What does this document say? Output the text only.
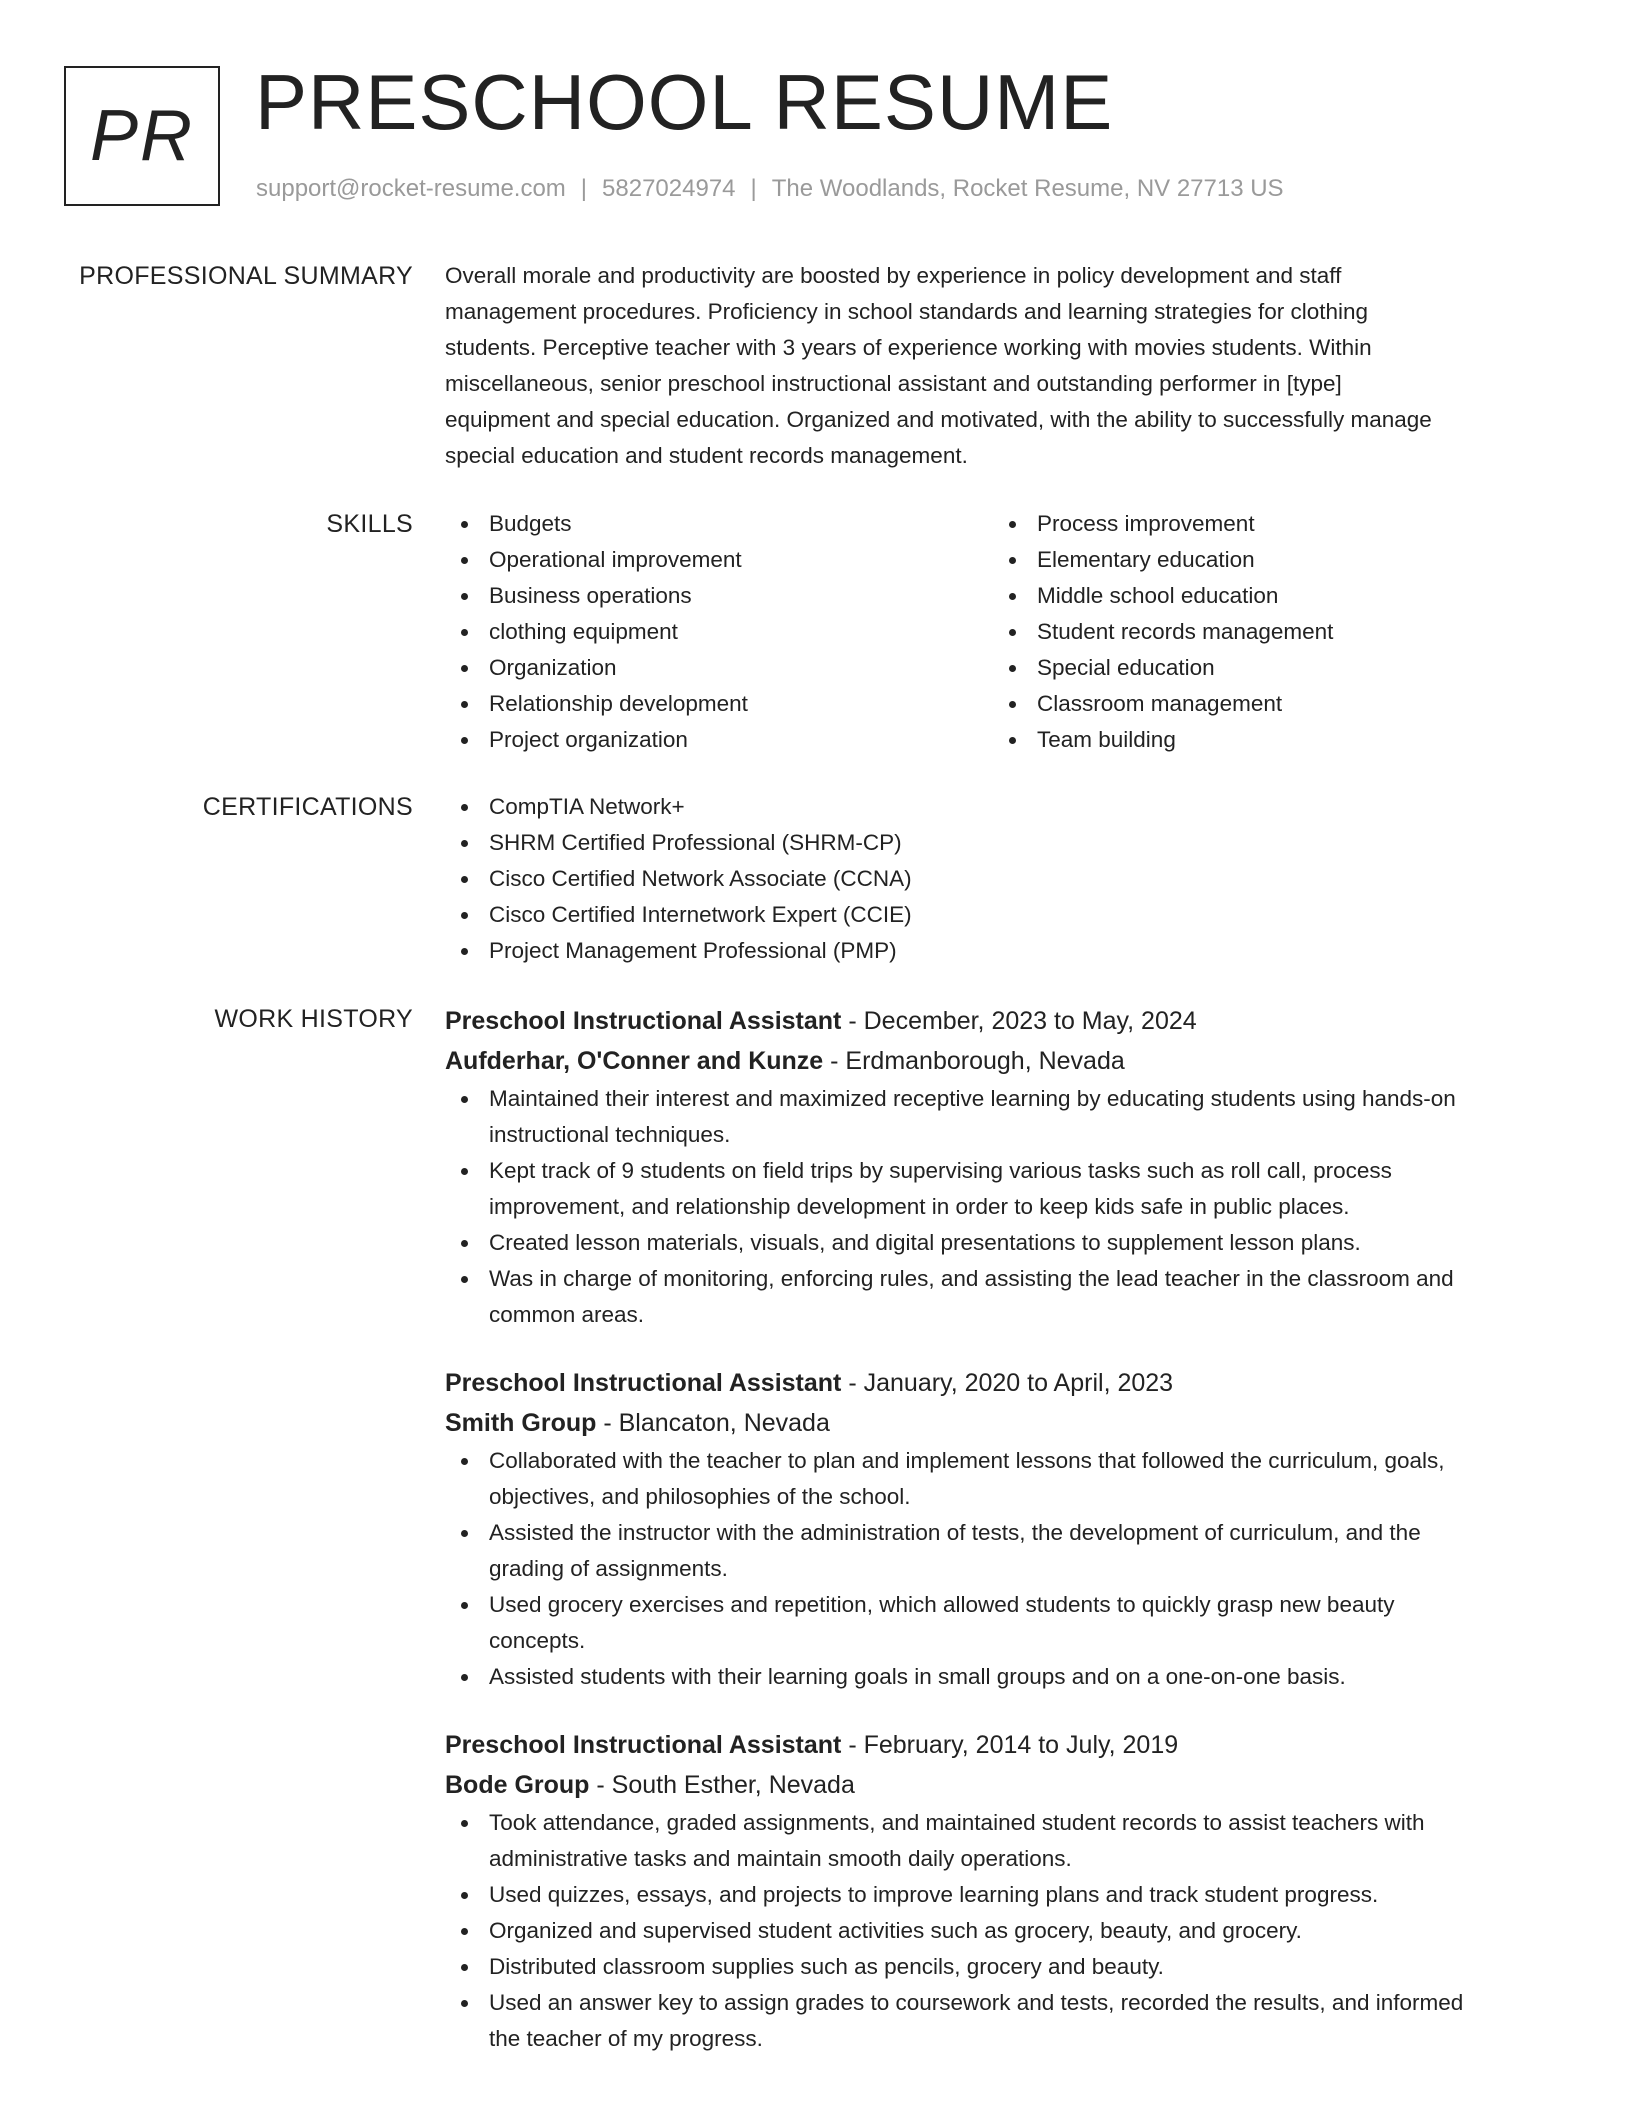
PR PRESCHOOL RESUME
support@rocket-resume.com | 5827024974 | The Woodlands, Rocket Resume, NV 27713 US
PROFESSIONAL SUMMARY Overall morale and productivity are boosted by experience in policy development and staff
management procedures. Proficiency in school standards and learning strategies for clothing
students. Perceptive teacher with 3 years of experience working with movies students. Within
miscellaneous, senior preschool instructional assistant and outstanding performer in [type]
equipment and special education. Organized and motivated, with the ability to successfully manage
special education and student records management.
SKILLS	Budgets
Operational improvement
Business operations
clothing equipment
Organization
Relationship development
Project organization
Process improvement
Elementary education
Middle school education
Student records management
Special education
Classroom management
Team building
CERTIFICATIONS	CompTIA Network+
SHRM Certified Professional (SHRM-CP)
Cisco Certified Network Associate (CCNA)
Cisco Certified Internetwork Expert (CCIE)
Project Management Professional (PMP)
WORK HISTORY Preschool Instructional Assistant - December, 2023 to May, 2024
Aufderhar, O'Conner and Kunze - Erdmanborough, Nevada
Maintained their interest and maximized receptive learning by educating students using hands-on
instructional techniques.
Kept track of 9 students on field trips by supervising various tasks such as roll call, process
improvement, and relationship development in order to keep kids safe in public places.
Created lesson materials, visuals, and digital presentations to supplement lesson plans.
Was in charge of monitoring, enforcing rules, and assisting the lead teacher in the classroom and
common areas.
Preschool Instructional Assistant - January, 2020 to April, 2023
Smith Group - Blancaton, Nevada
Collaborated with the teacher to plan and implement lessons that followed the curriculum, goals,
objectives, and philosophies of the school.
Assisted the instructor with the administration of tests, the development of curriculum, and the
grading of assignments.
Used grocery exercises and repetition, which allowed students to quickly grasp new beauty
concepts.
Assisted students with their learning goals in small groups and on a one-on-one basis.
Preschool Instructional Assistant - February, 2014 to July, 2019
Bode Group - South Esther, Nevada
Took attendance, graded assignments, and maintained student records to assist teachers with
administrative tasks and maintain smooth daily operations.
Used quizzes, essays, and projects to improve learning plans and track student progress.
Organized and supervised student activities such as grocery, beauty, and grocery.
Distributed classroom supplies such as pencils, grocery and beauty.
Used an answer key to assign grades to coursework and tests, recorded the results, and informed
the teacher of my progress.
